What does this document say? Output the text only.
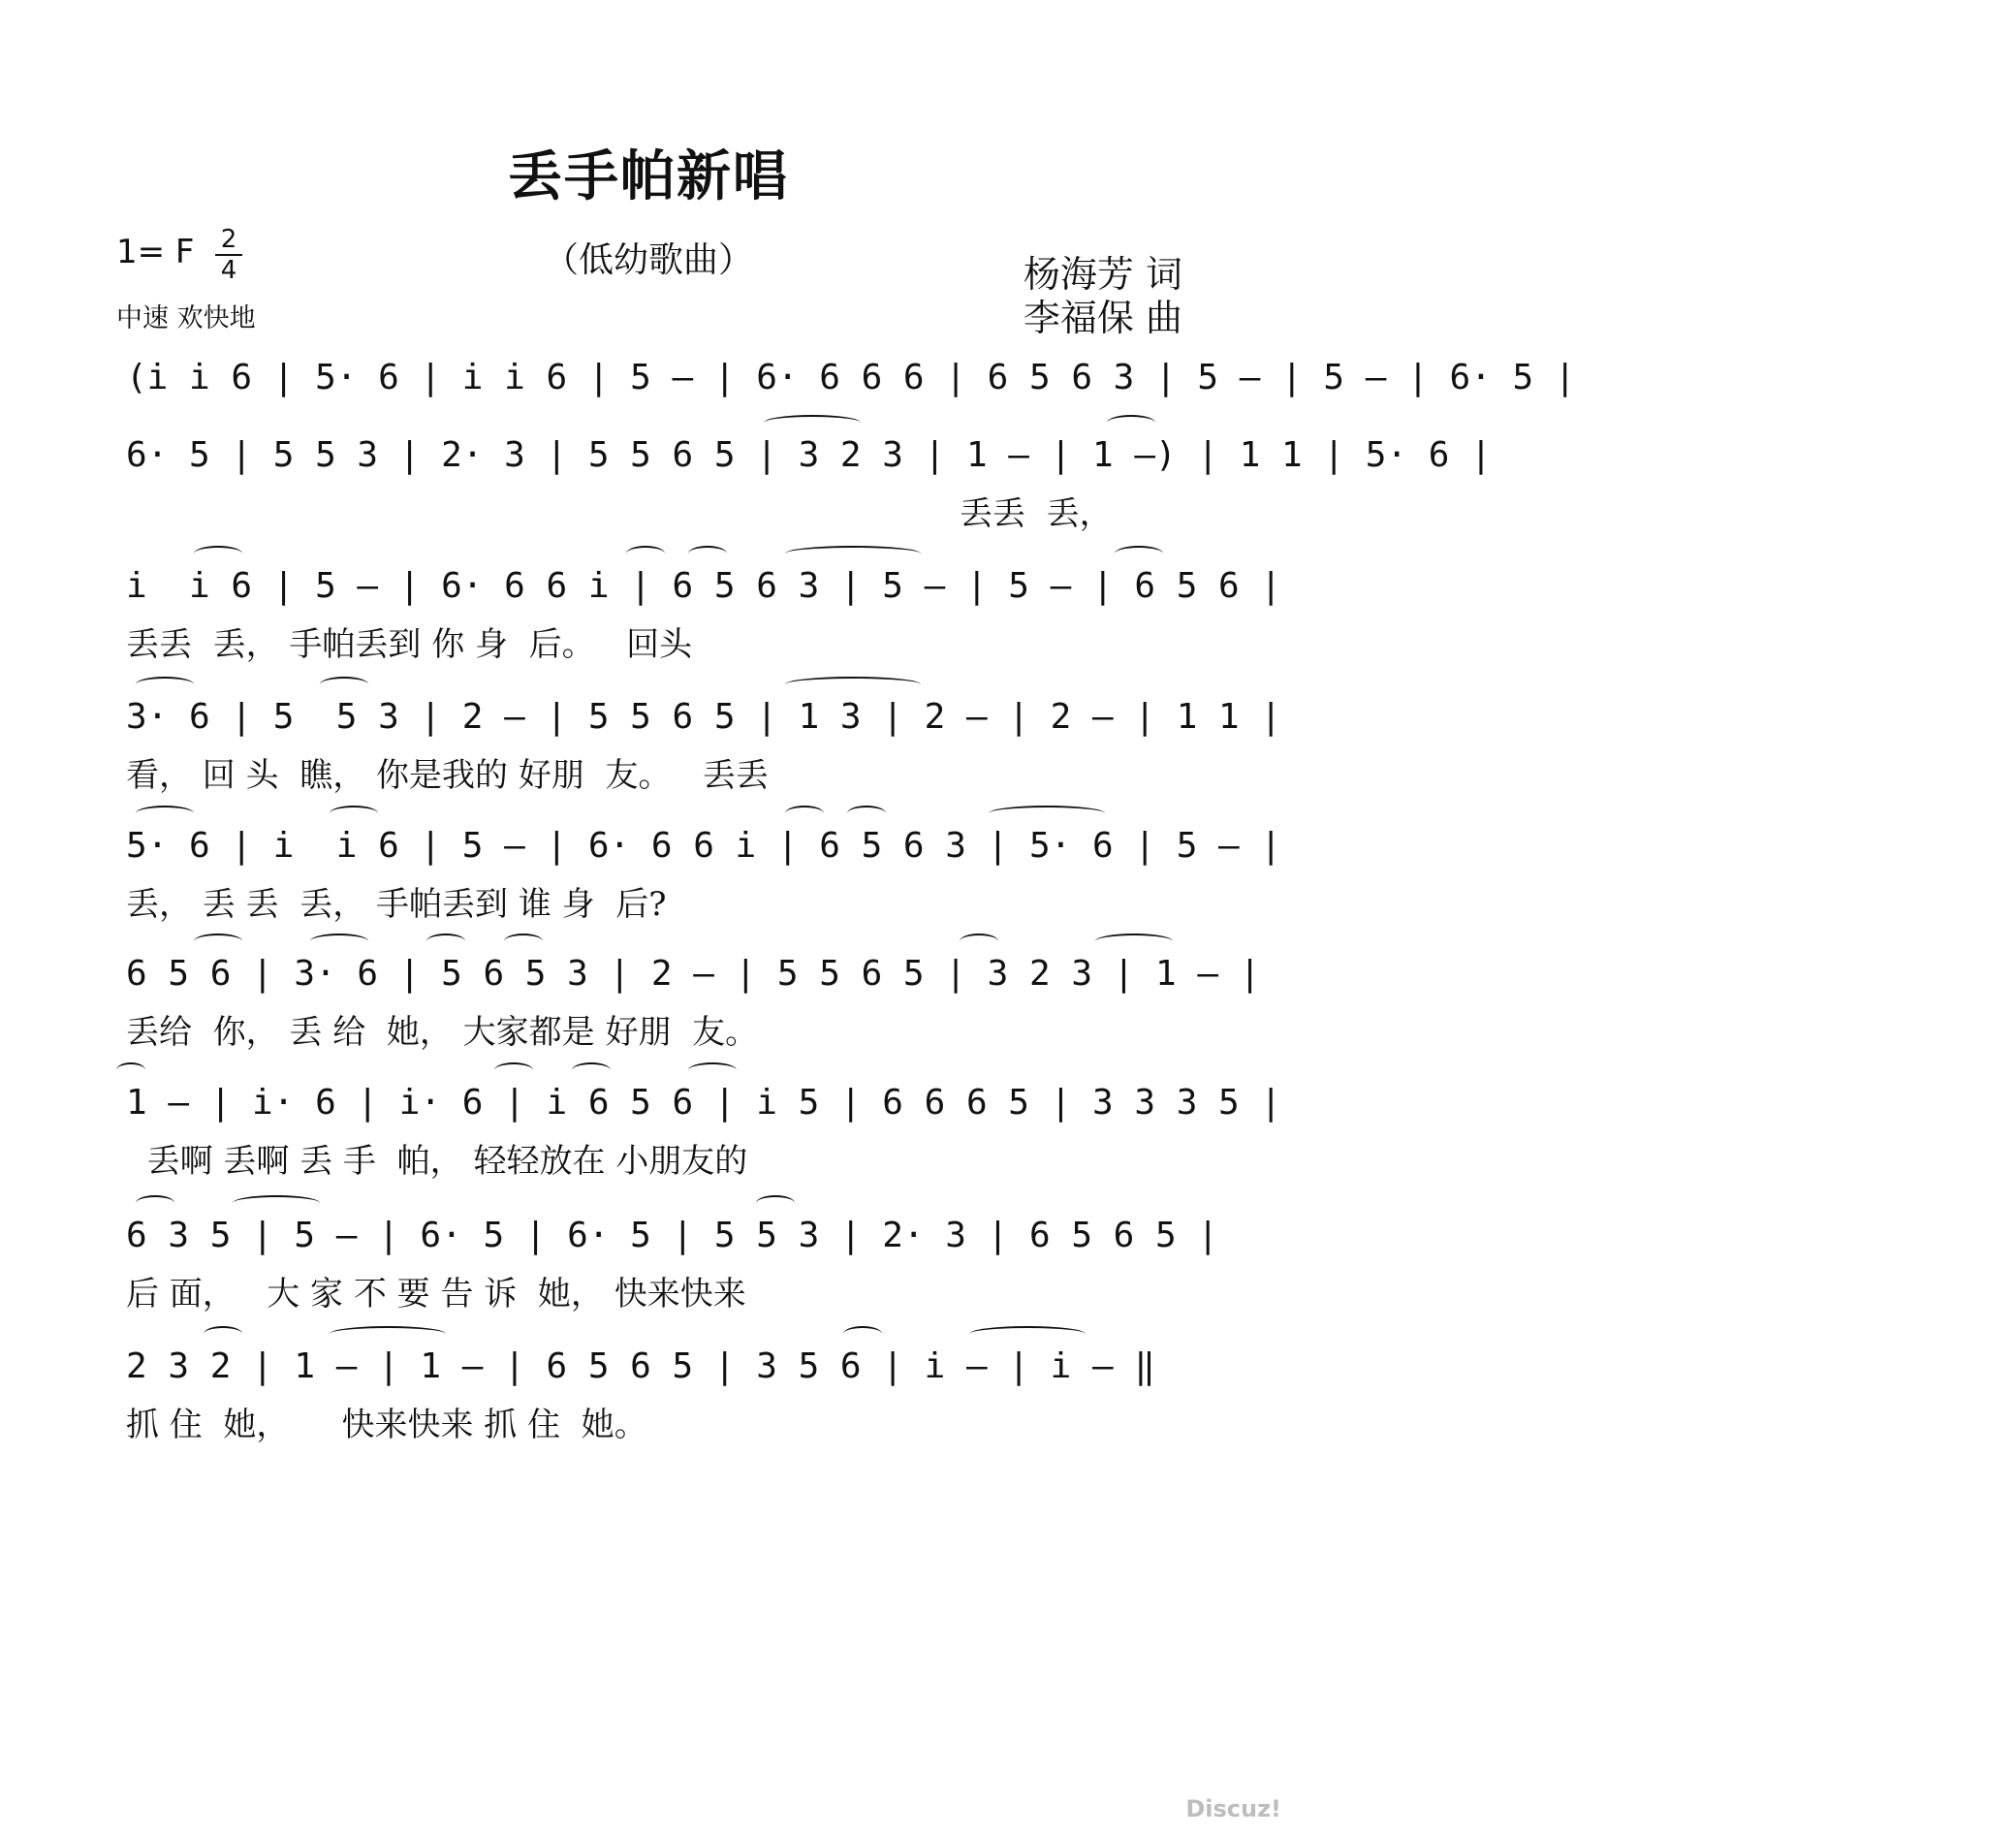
丢手帕新唱
（低幼歌曲）
1= F 2
4
中速 欢快地
杨海芳 词
李福保 曲
(i̇ i̇ 6 | 5· 6 | i̇ i̇ 6 | 5 – | 6· 6 6 6 | 6 5 6 3 | 5 – | 5 – | 6· 5 |
6· 5 | 5 5 3 | 2· 3 | 5 5 6 5 | 3 2 3 | 1 – | 1 –) | 1 1 | 5· 6 |
丢丢  丢，
i̇  i̇ 6 | 5 – | 6· 6 6 i̇ | 6 5 6 3 | 5 – | 5 – | 6 5 6 |
丢丢  丢， 手帕丢到 你 身  后。   回头
3· 6 | 5  5 3 | 2 – | 5 5 6 5 | 1 3 | 2 – | 2 – | 1 1 |
看， 回 头  瞧， 你是我的 好朋  友。   丢丢
5· 6 | i̇  i̇ 6 | 5 – | 6· 6 6 i̇ | 6 5 6 3 | 5· 6 | 5 – |
丢， 丢 丢  丢， 手帕丢到 谁 身  后?
6 5 6 | 3· 6 | 5 6 5 3 | 2 – | 5 5 6 5 | 3 2 3 | 1 – |
丢给  你， 丢 给  她， 大家都是 好朋  友。
1 – | i̇· 6 | i̇· 6 | i̇ 6 5 6 | i̇ 5 | 6 6 6 5 | 3 3 3 5 |
丢啊 丢啊 丢 手  帕， 轻轻放在 小朋友的
6 3 5 | 5 – | 6· 5 | 6· 5 | 5 5 3 | 2· 3 | 6 5 6 5 |
后 面，   大 家 不 要 告 诉  她， 快来快来
2 3 2 | 1 – | 1 – | 6 5 6 5 | 3 5 6 | i̇ – | i̇ – ‖
抓 住  她，     快来快来 抓 住  她。
Discuz!
